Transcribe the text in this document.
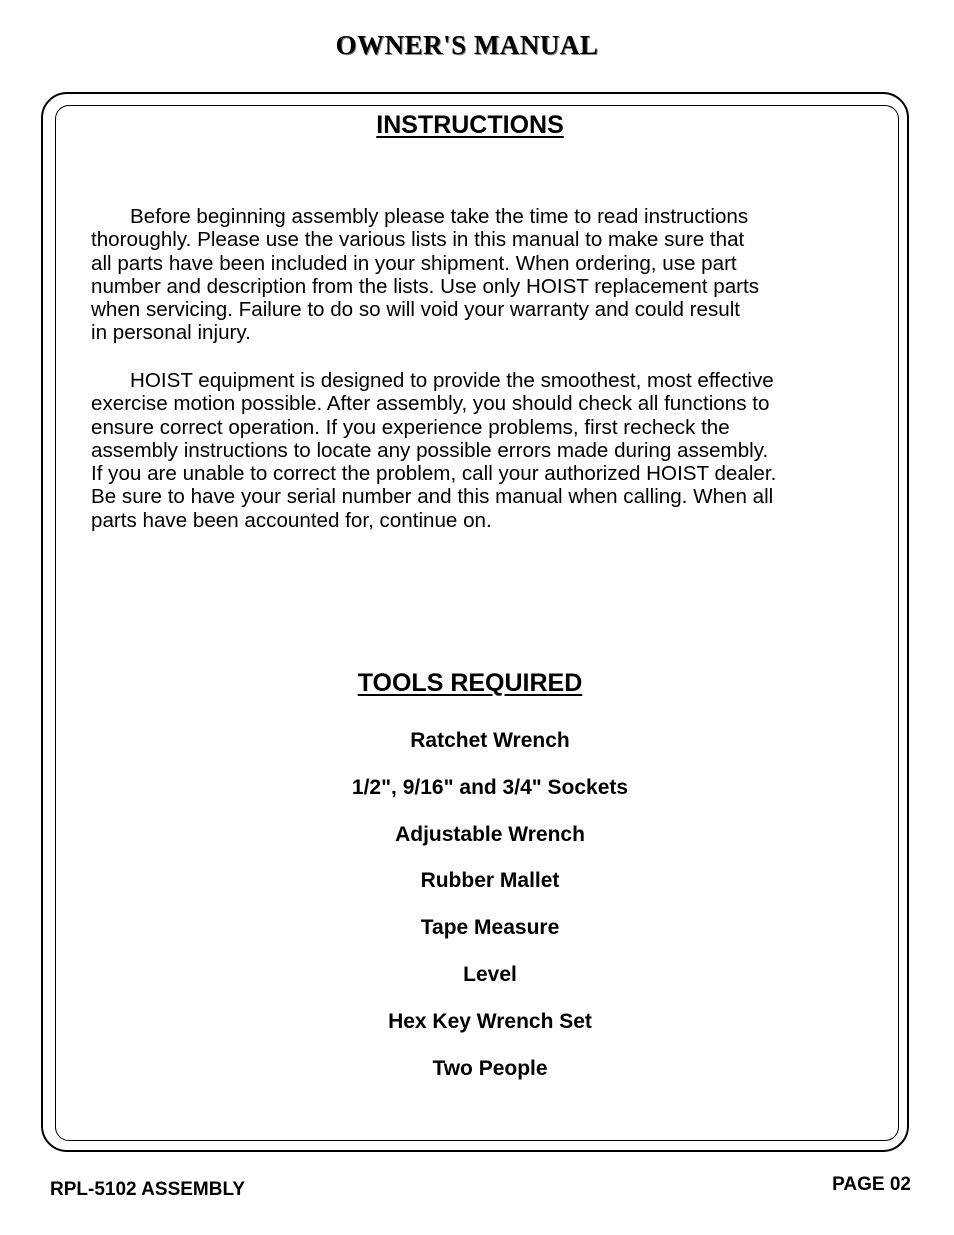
OWNER'S MANUAL
INSTRUCTIONS

Before beginning assembly please take the time to read instructions
thoroughly. Please use the various lists in this manual to make sure that
all parts have been included in your shipment. When ordering, use part
number and description from the lists. Use only HOIST replacement parts
when servicing. Failure to do so will void your warranty and could result
in personal injury.

HOIST equipment is designed to provide the smoothest, most effective
exercise motion possible. After assembly, you should check all functions to
ensure correct operation. If you experience problems, first recheck the
assembly instructions to locate any possible errors made during assembly.
If you are unable to correct the problem, call your authorized HOIST dealer.
Be sure to have your serial number and this manual when calling. When all
parts have been accounted for, continue on.

TOOLS REQUIRED
Ratchet Wrench
1/2", 9/16" and 3/4" Sockets
Adjustable Wrench
Rubber Mallet
Tape Measure
Level
Hex Key Wrench Set
Two People
RPL-5102 ASSEMBLY	PAGE 02
